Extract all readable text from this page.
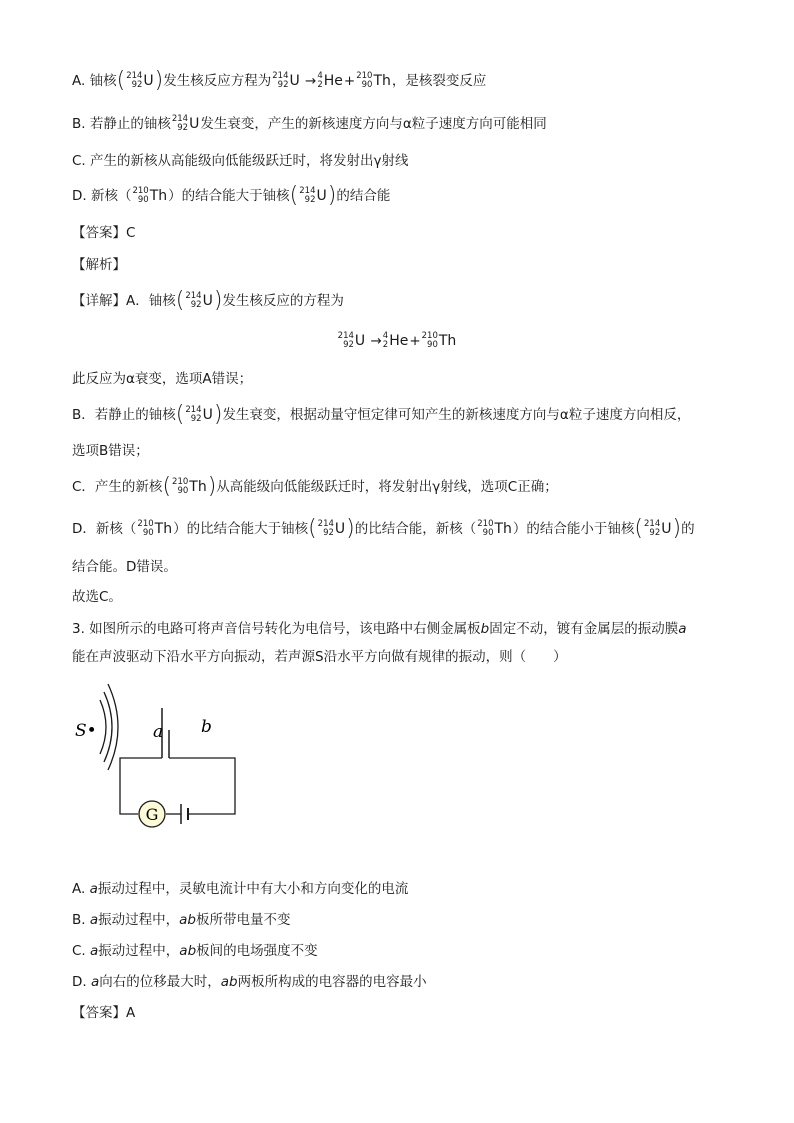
A. 铀核( 214
92 U )发生核反应方程为 214
92 U → 4
2 He + 210
90 Th ，是核裂变反应
B. 若静止的铀核 214
92 U 发生衰变，产生的新核速度方向与α粒子速度方向可能相同
C. 产生的新核从高能级向低能级跃迁时，将发射出γ射线
D. 新核（ 210
90 Th ）的结合能大于铀核( 214
92 U )的结合能
【答案】C
【解析】
【详解】A．铀核( 214
92 U )发生核反应的方程为
214
92 U → 4
2 He + 210
90 Th
此反应为α衰变，选项A错误；
B．若静止的铀核( 214
92 U )发生衰变，根据动量守恒定律可知产生的新核速度方向与α粒子速度方向相反，
选项B错误；
C．产生的新核( 210
90 Th )从高能级向低能级跃迁时，将发射出γ射线，选项C正确；
D．新核（ 210
90 Th ）的比结合能大于铀核( 214
92 U )的比结合能，新核（ 210
90 Th ）的结合能小于铀核( 214
92 U )的
结合能。D错误。
故选C。
3. 如图所示的电路可将声音信号转化为电信号，该电路中右侧金属板b固定不动，镀有金属层的振动膜a
能在声波驱动下沿水平方向振动，若声源S沿水平方向做有规律的振动，则（　　）
S•	a b
G
A. a振动过程中，灵敏电流计中有大小和方向变化的电流
B. a振动过程中，ab板所带电量不变
C. a振动过程中，ab板间的电场强度不变
D. a向右的位移最大时，ab两板所构成的电容器的电容最小
【答案】A
